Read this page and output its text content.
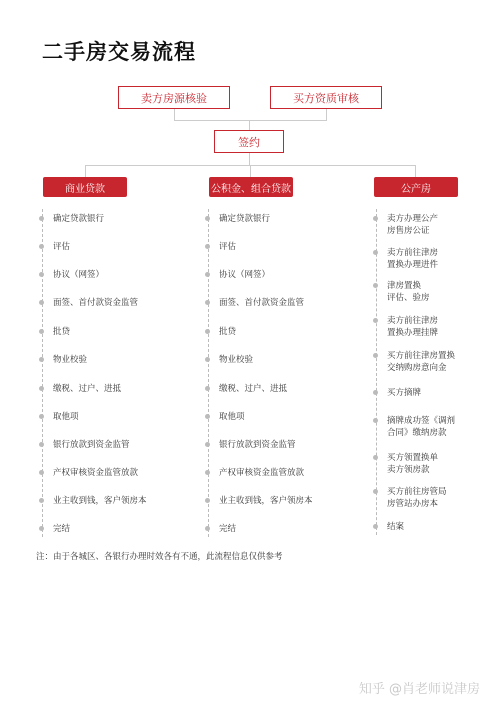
二手房交易流程
卖方房源核验	买方资质审核
签约
商业贷款	公积金、组合贷款	公产房
确定贷款银行
评估
协议（网签）
面签、首付款资金监管
批贷
物业校验
缴税、过户、进抵
取他项
银行放款到资金监管
产权审核资金监管放款
业主收到钱，客户领房本
完结
确定贷款银行
评估
协议（网签）
面签、首付款资金监管
批贷
物业校验
缴税、过户、进抵
取他项
银行放款到资金监管
产权审核资金监管放款
业主收到钱，客户领房本
完结
卖方办理公产
房售房公证
卖方前往津房
置换办理进件
津房置换
评估、验房
卖方前往津房
置换办理挂牌
买方前往津房置换
交纳购房意向金
买方摘牌
摘牌成功签《调剂
合同》缴纳房款
买方领置换单
卖方领房款
买方前往房管局
房管站办房本
结案
注：由于各城区、各银行办理时效各有不通，此流程信息仅供参考
知乎 @肖老师说津房
